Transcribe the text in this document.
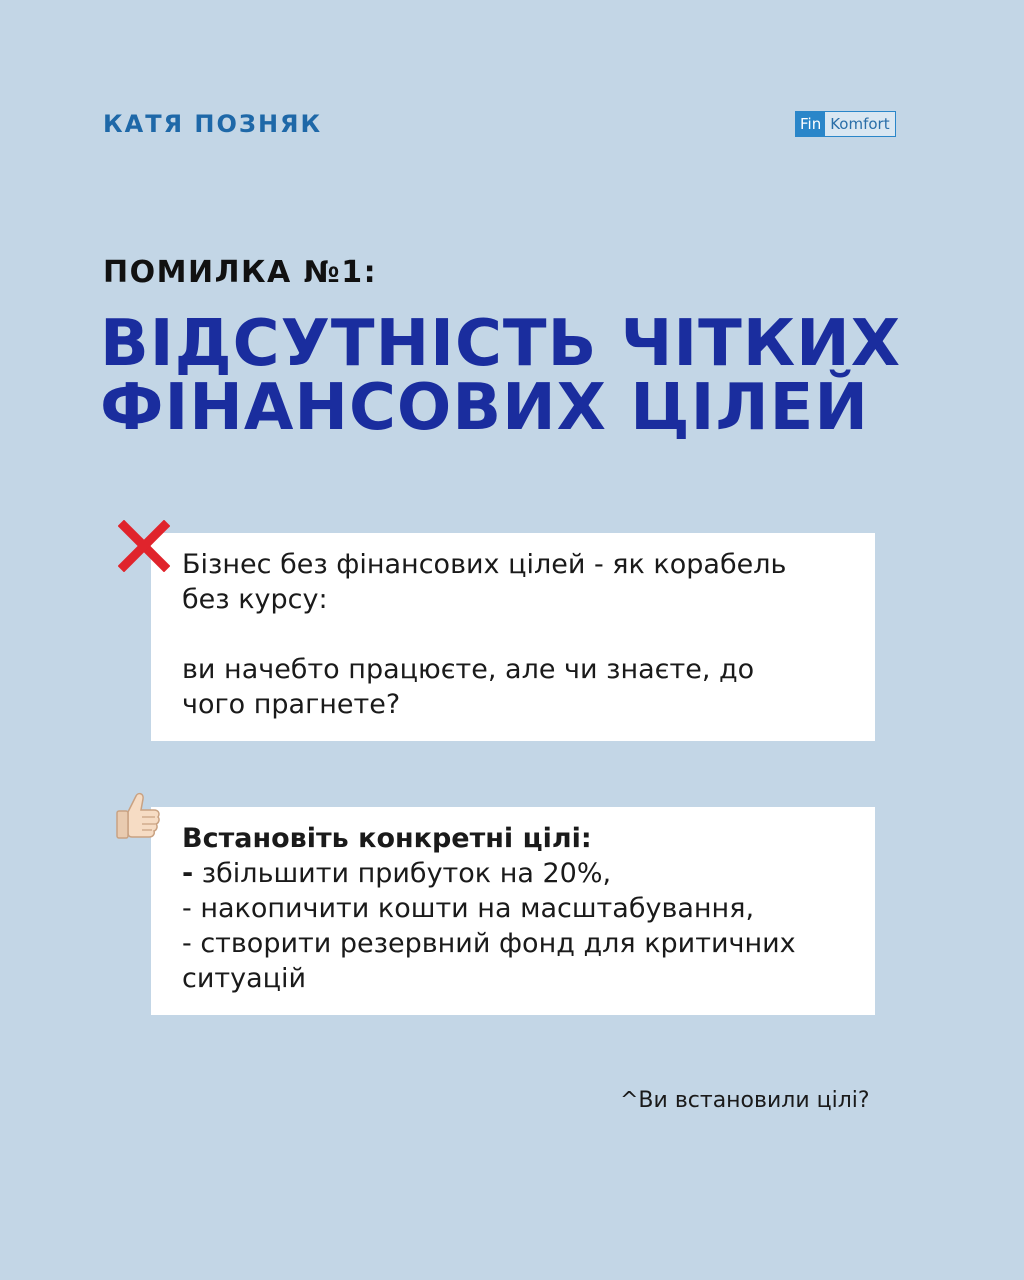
КАТЯ ПОЗНЯК	Fin Komfort
ПОМИЛКА №1:
ВІДСУТНІСТЬ ЧІТКИХ
ФІНАНСОВИХ ЦІЛЕЙ

Бізнес без фінансових цілей - як корабель

без курсу:

ви начебто працюєте, але чи знаєте, до

чого прагнете?

Встановіть конкретні цілі:

- збільшити прибуток на 20%,

- накопичити кошти на масштабування,

- створити резервний фонд для критичних

ситуацій

^Ви встановили цілі?
